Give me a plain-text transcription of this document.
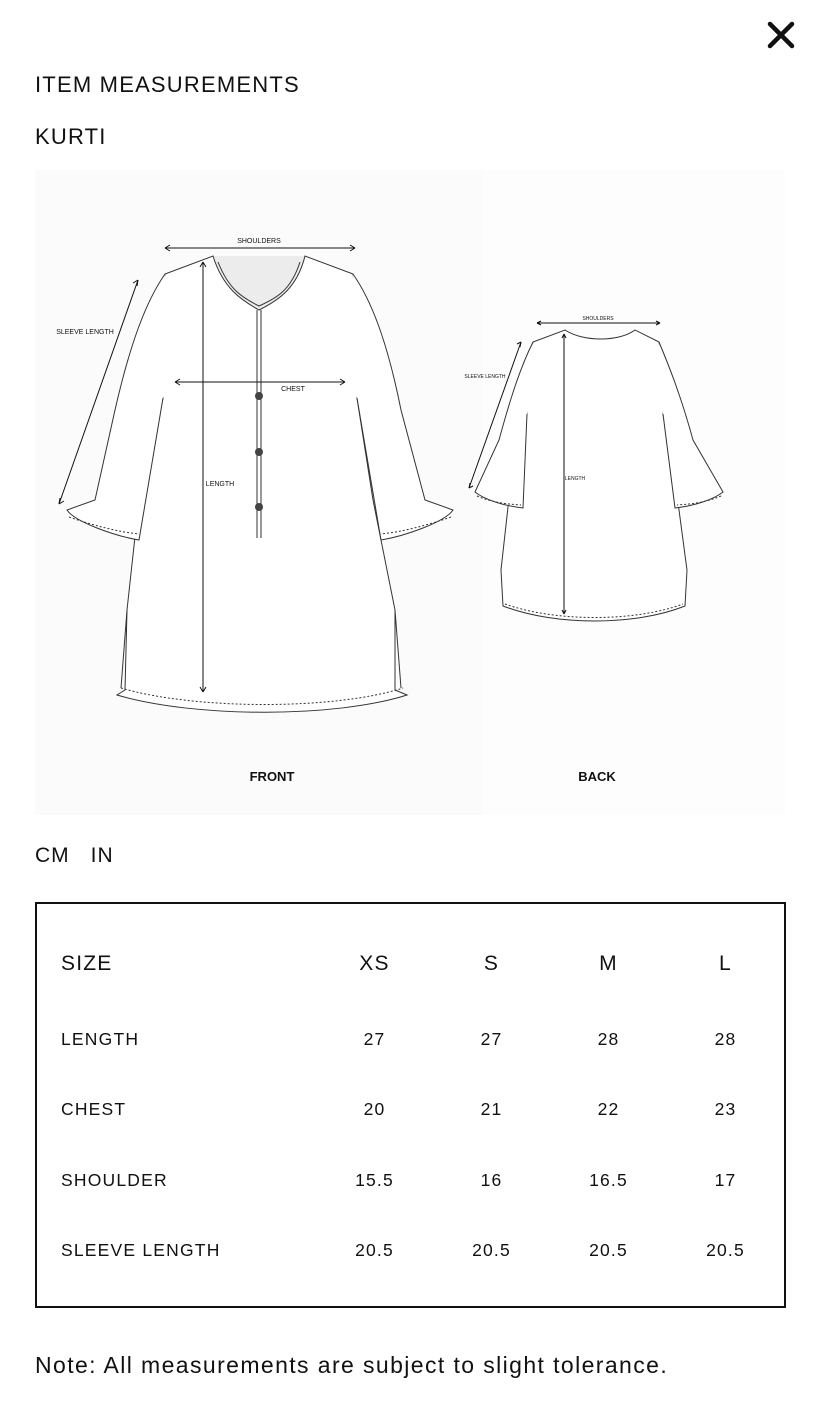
ITEM MEASUREMENTS
KURTI
SHOULDERS
SLEEVE LENGTH
CHEST
LENGTH
SHOULDERS
SLEEVE LENGTH
LENGTH
FRONT	BACK
CM IN
SIZE	XS	S	M	L
LENGTH	27	27	28	28
CHEST	20	21	22	23
SHOULDER	15.5	16	16.5	17
SLEEVE LENGTH	20.5	20.5	20.5	20.5
Note: All measurements are subject to slight tolerance.
